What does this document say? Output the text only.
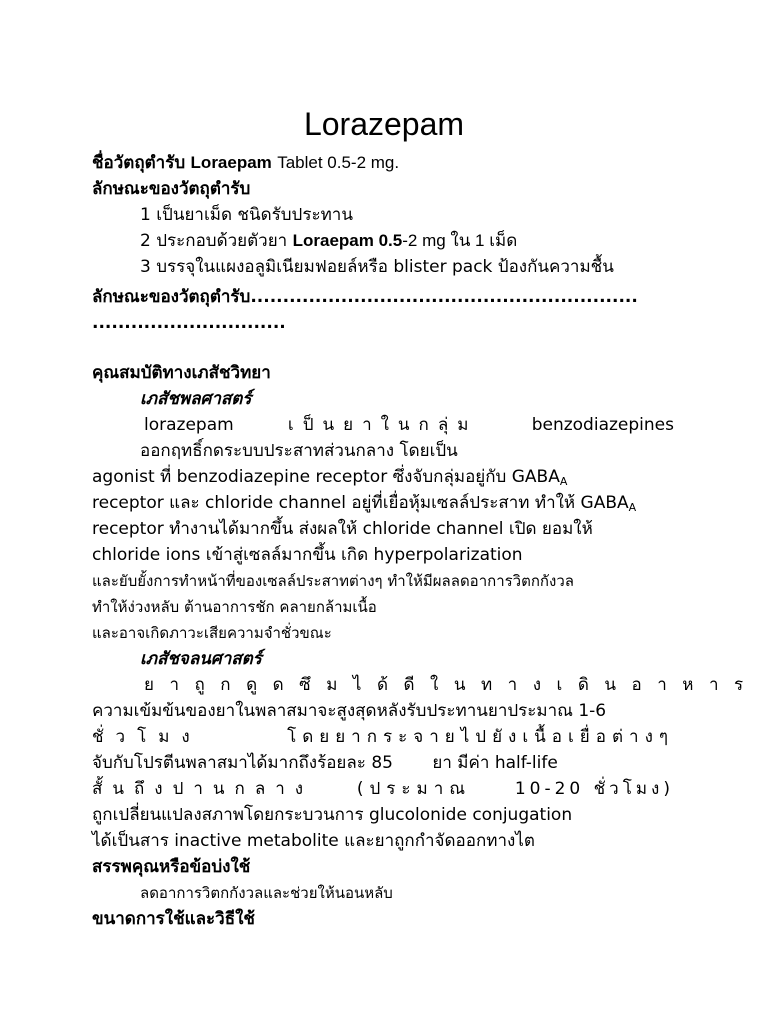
Lorazepam
ชื่อวัตถุตำรับ Loraepam Tablet 0.5-2 mg.
ลักษณะของวัตถุตำรับ
1 เป็นยาเม็ด ชนิดรับประทาน
2 ประกอบด้วยตัวยา Loraepam 0.5-2 mg ใน 1 เม็ด
3 บรรจุในแผงอลูมิเนียมฟอยล์หรือ blister pack ป้องกันความชื้น
ลักษณะของวัตถุตำรับ............................................................
..............................
คุณสมบัติทางเภสัชวิทยา
เภสัชพลศาสตร์
lorazepam	เป็นยาในกลุ่ม	benzodiazepines
ออกฤทธิ์กดระบบประสาทส่วนกลาง โดยเป็น
agonist ที่ benzodiazepine receptor ซึ่งจับกลุ่มอยู่กับ $GABA_A$
receptor และ chloride channel อยู่ที่เยื่อหุ้มเซลล์ประสาท ทำให้ $GABA_A$
receptor ทำงานได้มากขึ้น ส่งผลให้ chloride channel เปิด ยอมให้
chloride ions เข้าสู่เซลล์มากขึ้น เกิด hyperpolarization
และยับยั้งการทำหน้าที่ของเซลล์ประสาทต่างๆ ทำให้มีผลลดอาการวิตกกังวล
ทำให้ง่วงหลับ ต้านอาการชัก คลายกล้ามเนื้อ
และอาจเกิดภาวะเสียความจำชั่วขณะ
เภสัชจลนศาสตร์
ยาถูกดูดซึมได้ดีในทางเดินอาหาร
ความเข้มข้นของยาในพลาสมาจะสูงสุดหลังรับประทานยาประมาณ 1-6
ชั่วโมง	โดยยากระจายไปยังเนื้อเยื่อต่างๆ
จับกับโปรตีนพลาสมาได้มากถึงร้อยละ 85 ยา มีค่า half-life
สั้นถึงปานกลาง	(ประมาณ	10-20 ชั่วโมง)
ถูกเปลี่ยนแปลงสภาพโดยกระบวนการ glucolonide conjugation
ได้เป็นสาร inactive metabolite และยาถูกกำจัดออกทางไต
สรรพคุณหรือข้อบ่งใช้
ลดอาการวิตกกังวลและช่วยให้นอนหลับ
ขนาดการใช้และวิธีใช้
